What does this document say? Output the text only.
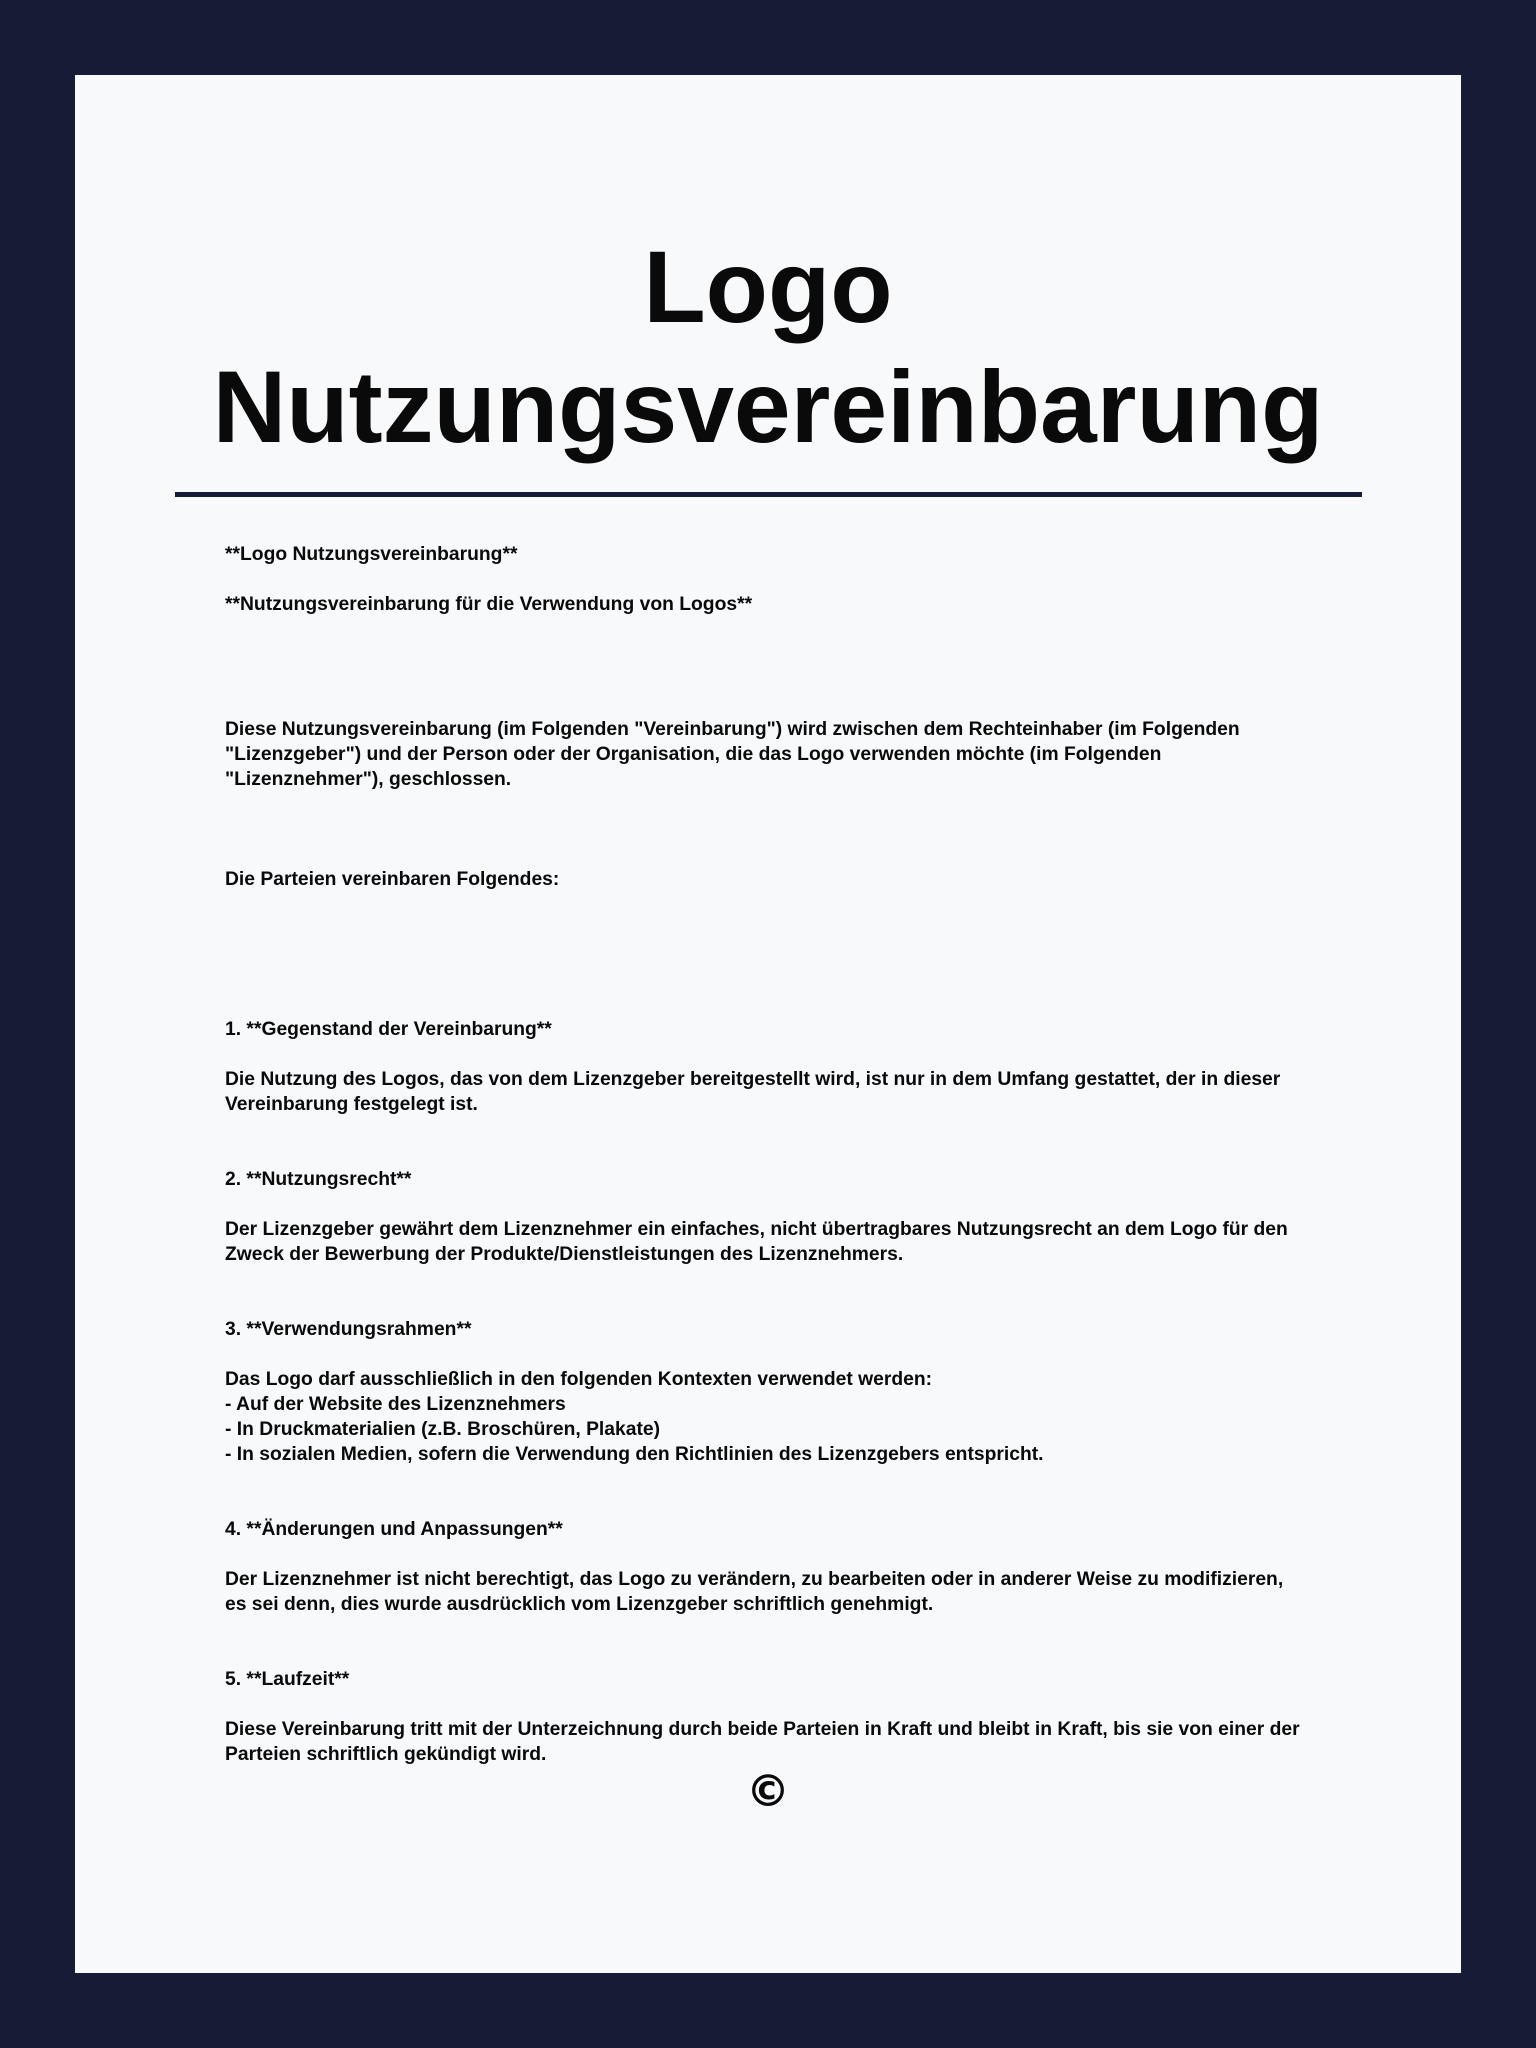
Logo
Nutzungsvereinbarung
**Logo Nutzungsvereinbarung**
**Nutzungsvereinbarung für die Verwendung von Logos**
Diese Nutzungsvereinbarung (im Folgenden "Vereinbarung") wird zwischen dem Rechteinhaber (im Folgenden
"Lizenzgeber") und der Person oder der Organisation, die das Logo verwenden möchte (im Folgenden
"Lizenznehmer"), geschlossen.
Die Parteien vereinbaren Folgendes:

1. **Gegenstand der Vereinbarung**

Die Nutzung des Logos, das von dem Lizenzgeber bereitgestellt wird, ist nur in dem Umfang gestattet, der in dieser
Vereinbarung festgelegt ist.

2. **Nutzungsrecht**

Der Lizenzgeber gewährt dem Lizenznehmer ein einfaches, nicht übertragbares Nutzungsrecht an dem Logo für den
Zweck der Bewerbung der Produkte/Dienstleistungen des Lizenznehmers.

3. **Verwendungsrahmen**

Das Logo darf ausschließlich in den folgenden Kontexten verwendet werden:
- Auf der Website des Lizenznehmers
- In Druckmaterialien (z.B. Broschüren, Plakate)
- In sozialen Medien, sofern die Verwendung den Richtlinien des Lizenzgebers entspricht.

4. **Änderungen und Anpassungen**

Der Lizenznehmer ist nicht berechtigt, das Logo zu verändern, zu bearbeiten oder in anderer Weise zu modifizieren,
es sei denn, dies wurde ausdrücklich vom Lizenzgeber schriftlich genehmigt.

5. **Laufzeit**

Diese Vereinbarung tritt mit der Unterzeichnung durch beide Parteien in Kraft und bleibt in Kraft, bis sie von einer der
Parteien schriftlich gekündigt wird.

©
